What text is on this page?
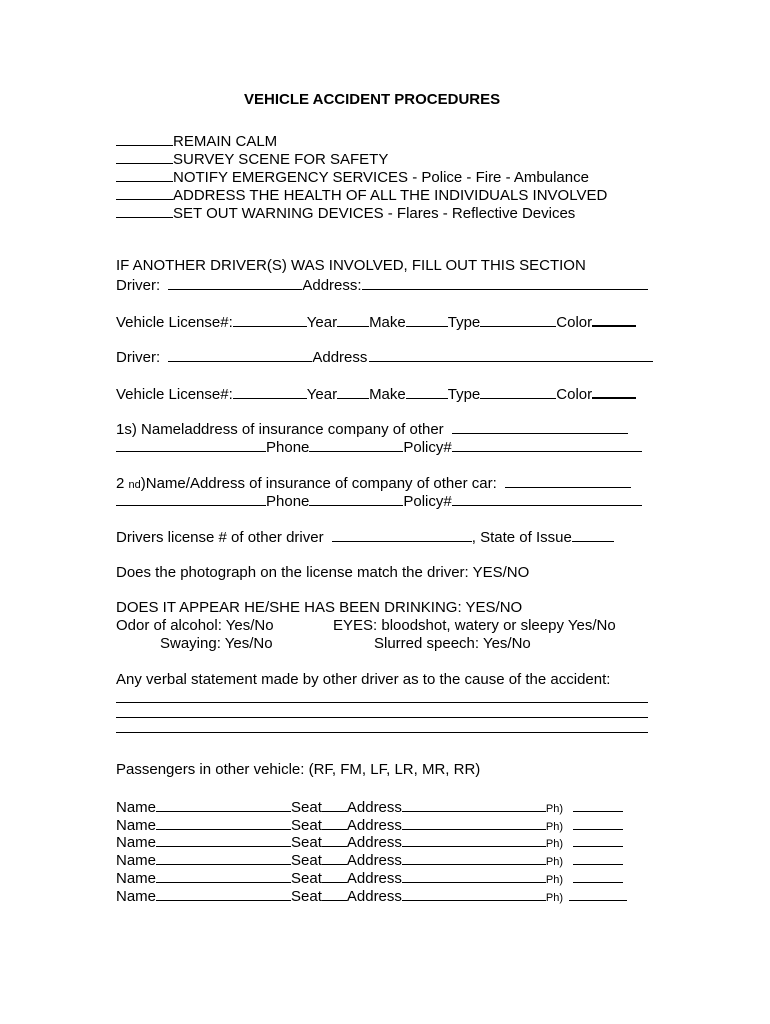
VEHICLE ACCIDENT PROCEDURES
REMAIN CALM
SURVEY SCENE FOR SAFETY
NOTIFY EMERGENCY SERVICES - Police - Fire - Ambulance
ADDRESS THE HEALTH OF ALL THE INDIVIDUALS INVOLVED
SET OUT WARNING DEVICES - Flares - Reflective Devices
IF ANOTHER DRIVER(S) WAS INVOLVED, FILL OUT THIS SECTION
Driver:	Address:
Vehicle License#:	Year Make	Type	Color
Driver:	Address
Vehicle License#:	Year Make	Type	Color
1s) Nameladdress of insurance company of other
Phone	Policy#
2 nd)Name/Address of insurance of company of other car:
Phone	Policy#
Drivers license # of other driver	, State of Issue
Does the photograph on the license match the driver: YES/NO
DOES IT APPEAR HE/SHE HAS BEEN DRINKING: YES/NO
Odor of alcohol: Yes/No	EYES: bloodshot, watery or sleepy Yes/No
Swaying: Yes/No	Slurred speech: Yes/No
Any verbal statement made by other driver as to the cause of the accident:
Passengers in other vehicle: (RF, FM, LF, LR, MR, RR)
Name	Seat Address	Ph)
Name	Seat Address	Ph)
Name	Seat Address	Ph)
Name	Seat Address	Ph)
Name	Seat Address	Ph)
Name	Seat Address	Ph)
